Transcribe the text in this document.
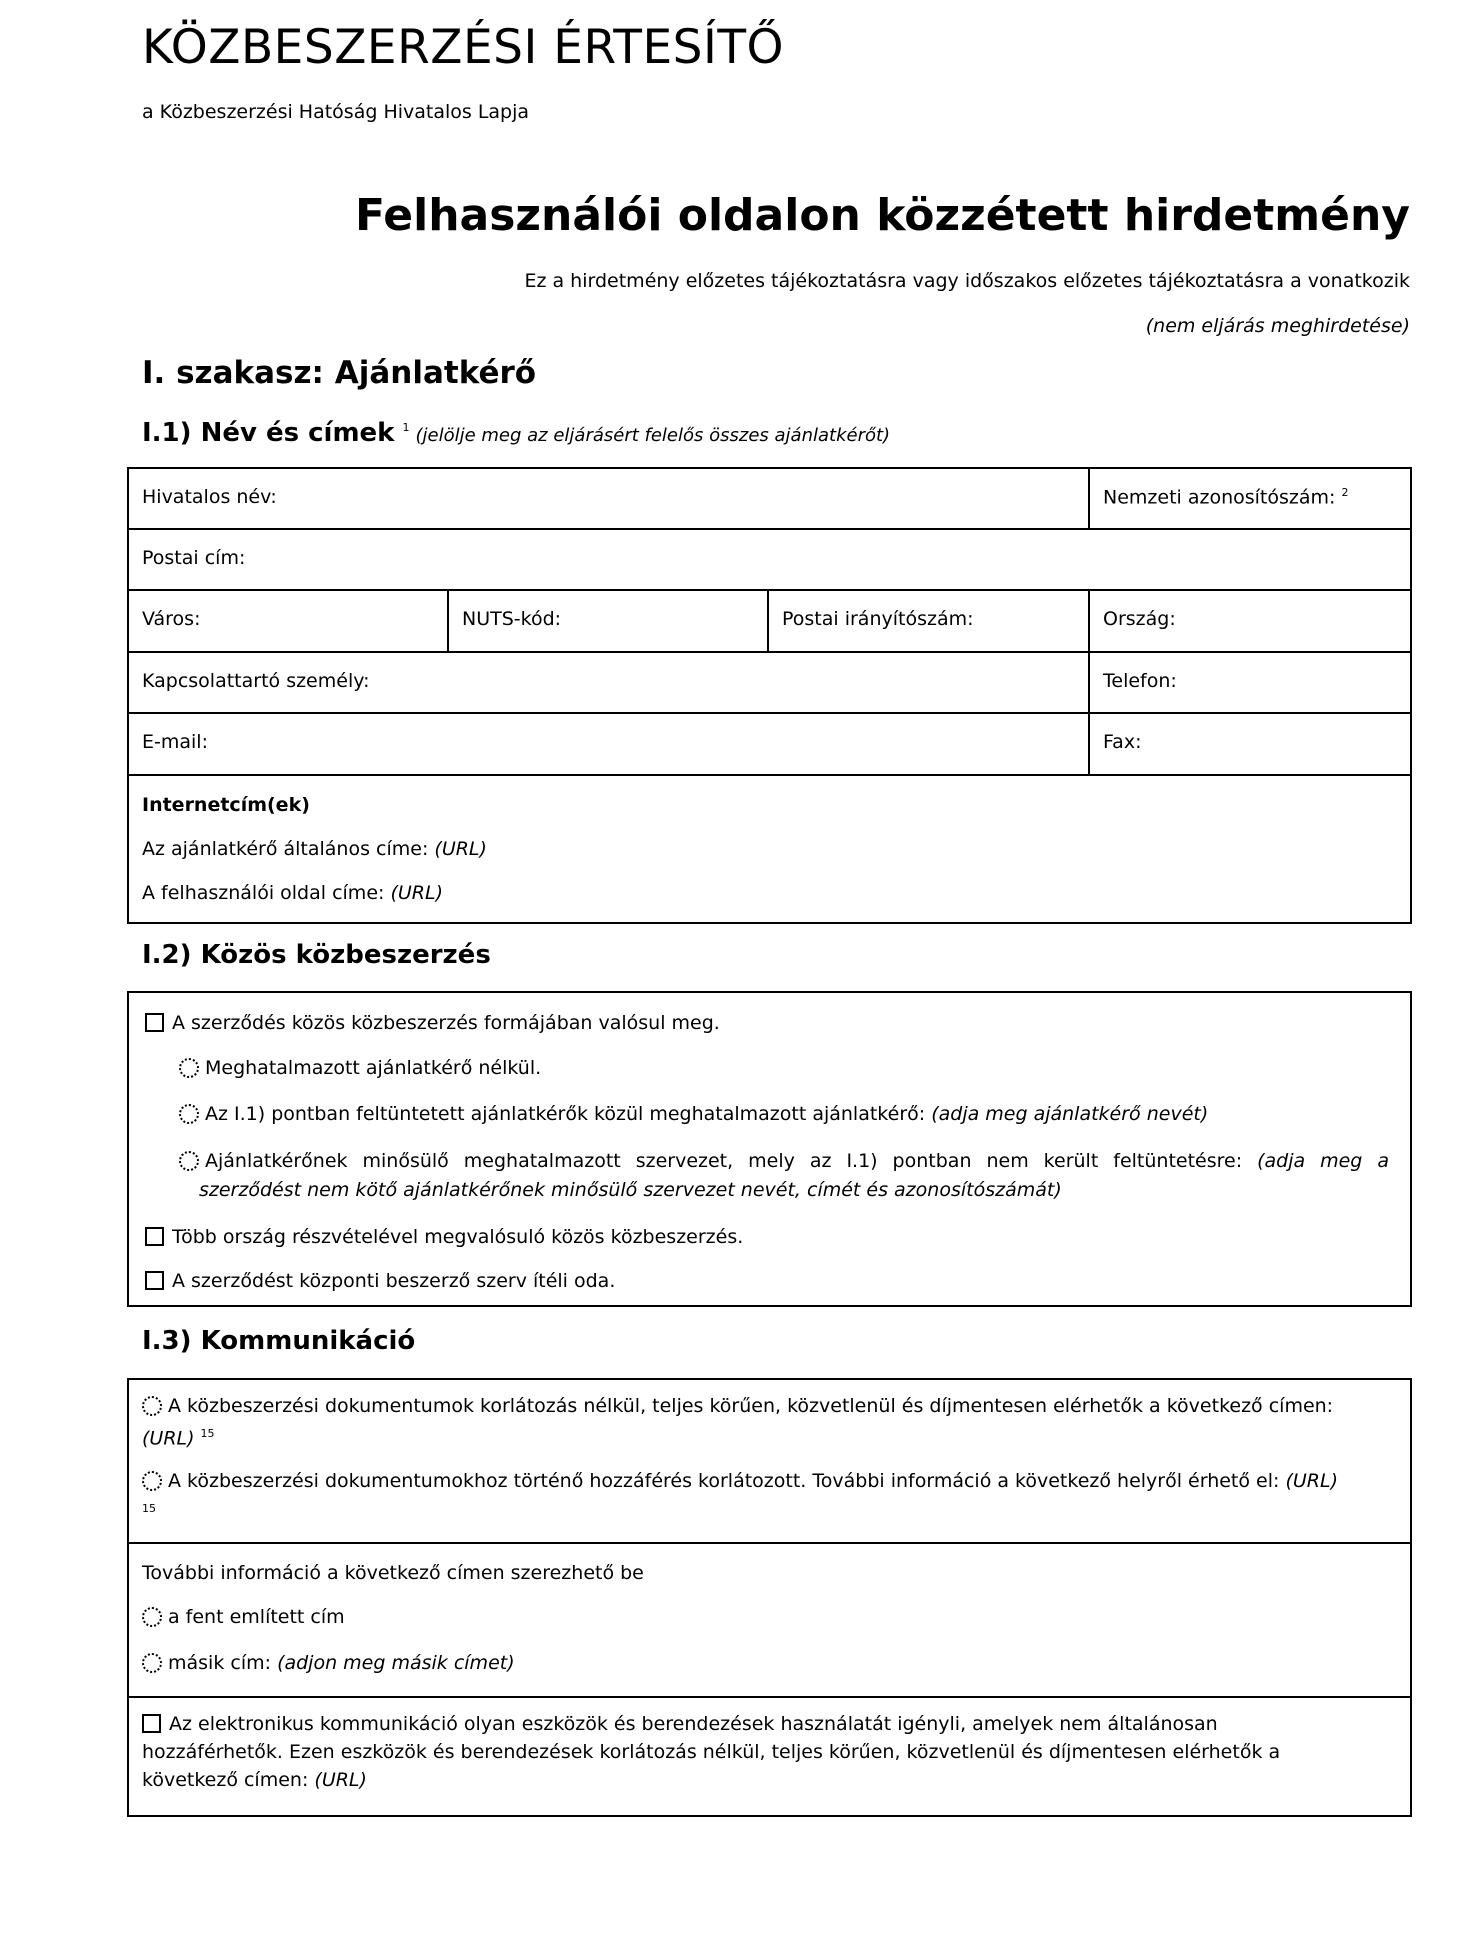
KÖZBESZERZÉSI ÉRTESÍTŐ
a Közbeszerzési Hatóság Hivatalos Lapja
Felhasználói oldalon közzétett hirdetmény
Ez a hirdetmény előzetes tájékoztatásra vagy időszakos előzetes tájékoztatásra a vonatkozik
(nem eljárás meghirdetése)
I. szakasz: Ajánlatkérő
I.1) Név és címek $^1$ (jelölje meg az eljárásért felelős összes ajánlatkérőt)
Hivatalos név:	Nemzeti azonosítószám: $^2$
Postai cím:
Város:	NUTS-kód:	Postai irányítószám:	Ország:
Kapcsolattartó személy:	Telefon:
E-mail:	Fax:
Internetcím(ek)
Az ajánlatkérő általános címe: (URL)
A felhasználói oldal címe: (URL)
I.2) Közös közbeszerzés
A szerződés közös közbeszerzés formájában valósul meg.
Meghatalmazott ajánlatkérő nélkül.
Az I.1) pontban feltüntetett ajánlatkérők közül meghatalmazott ajánlatkérő: (adja meg ajánlatkérő nevét)
Ajánlatkérőnek minősülő meghatalmazott szervezet, mely az I.1) pontban nem került feltüntetésre: (adja meg a
szerződést nem kötő ajánlatkérőnek minősülő szervezet nevét, címét és azonosítószámát)
Több ország részvételével megvalósuló közös közbeszerzés.
A szerződést központi beszerző szerv ítéli oda.
I.3) Kommunikáció
A közbeszerzési dokumentumok korlátozás nélkül, teljes körűen, közvetlenül és díjmentesen elérhetők a következő címen:
(URL) $^{15}$
A közbeszerzési dokumentumokhoz történő hozzáférés korlátozott. További információ a következő helyről érhető el: (URL)
$^{15}$
További információ a következő címen szerezhető be
a fent említett cím
másik cím: (adjon meg másik címet)
Az elektronikus kommunikáció olyan eszközök és berendezések használatát igényli, amelyek nem általánosan
hozzáférhetők. Ezen eszközök és berendezések korlátozás nélkül, teljes körűen, közvetlenül és díjmentesen elérhetők a
következő címen: (URL)
